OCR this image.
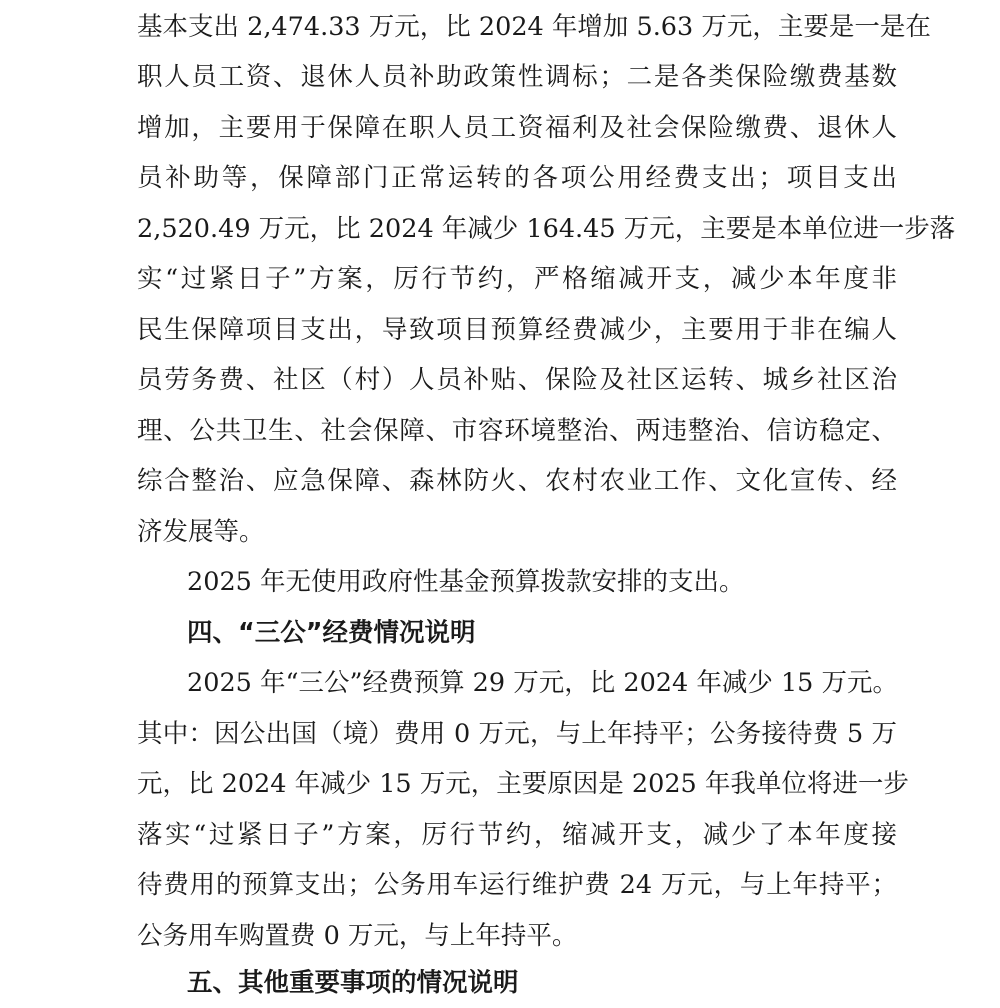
基本支出 2,474.33 万元，比 2024 年增加 5.63 万元，主要是一是在
职人员工资、退休人员补助政策性调标；二是各类保险缴费基数
增加，主要用于保障在职人员工资福利及社会保险缴费、退休人
员补助等，保障部门正常运转的各项公用经费支出；项目支出
2,520.49 万元，比 2024 年减少 164.45 万元，主要是本单位进一步落
实“过紧日子”方案，厉行节约，严格缩减开支，减少本年度非
民生保障项目支出，导致项目预算经费减少，主要用于非在编人
员劳务费、社区（村）人员补贴、保险及社区运转、城乡社区治
理、公共卫生、社会保障、市容环境整治、两违整治、信访稳定、
综合整治、应急保障、森林防火、农村农业工作、文化宣传、经
济发展等。
2025 年无使用政府性基金预算拨款安排的支出。
四、“三公”经费情况说明
2025 年“三公”经费预算 29 万元，比 2024 年减少 15 万元。
其中：因公出国（境）费用 0 万元，与上年持平；公务接待费 5 万
元，比 2024 年减少 15 万元，主要原因是 2025 年我单位将进一步
落实“过紧日子”方案，厉行节约，缩减开支，减少了本年度接
待费用的预算支出；公务用车运行维护费 24 万元，与上年持平；
公务用车购置费 0 万元，与上年持平。
五、其他重要事项的情况说明
